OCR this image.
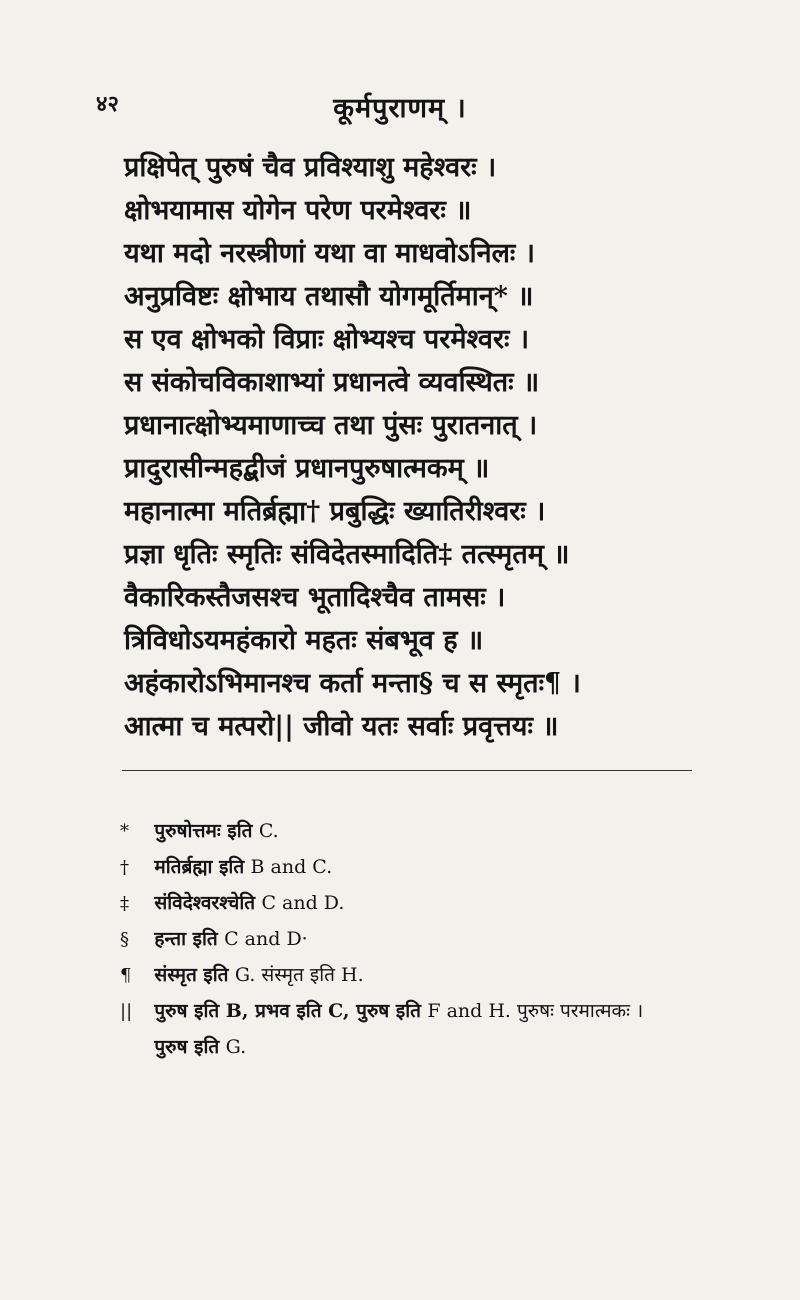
४२	कूर्मपुराणम् ।
प्रक्षिपेत् पुरुषं चैव प्रविश्याशु महेश्वरः ।
क्षोभयामास योगेन परेण परमेश्वरः ॥
यथा मदो नरस्त्रीणां यथा वा माधवोऽनिलः ।
अनुप्रविष्टः क्षोभाय तथासौ योगमूर्तिमान्* ॥
स एव क्षोभको विप्राः क्षोभ्यश्च परमेश्वरः ।
स संकोचविकाशाभ्यां प्रधानत्वे व्यवस्थितः ॥
प्रधानात्क्षोभ्यमाणाच्च तथा पुंसः पुरातनात् ।
प्रादुरासीन्महद्बीजं प्रधानपुरुषात्मकम् ॥
महानात्मा मतिर्ब्रह्मा† प्रबुद्धिः ख्यातिरीश्वरः ।
प्रज्ञा धृतिः स्मृतिः संविदेतस्मादिति‡ तत्स्मृतम् ॥
वैकारिकस्तैजसश्च भूतादिश्चैव तामसः ।
त्रिविधोऽयमहंकारो महतः संबभूव ह ॥
अहंकारोऽभिमानश्च कर्ता मन्ता§ च स स्मृतः¶ ।
आत्मा च मत्परो|| जीवो यतः सर्वाः प्रवृत्तयः ॥
* पुरुषोत्तमः इति C.
† मतिर्ब्रह्मा इति B and C.
‡ संविदेश्वरश्चेति C and D.
§ हन्ता इति C and D·
¶ संस्मृत इति G. संस्मृत इति H.
|| पुरुष इति B, प्रभव इति C, पुरुष इति F and H. पुरुषः परमात्मकः ।
पुरुष इति G.
